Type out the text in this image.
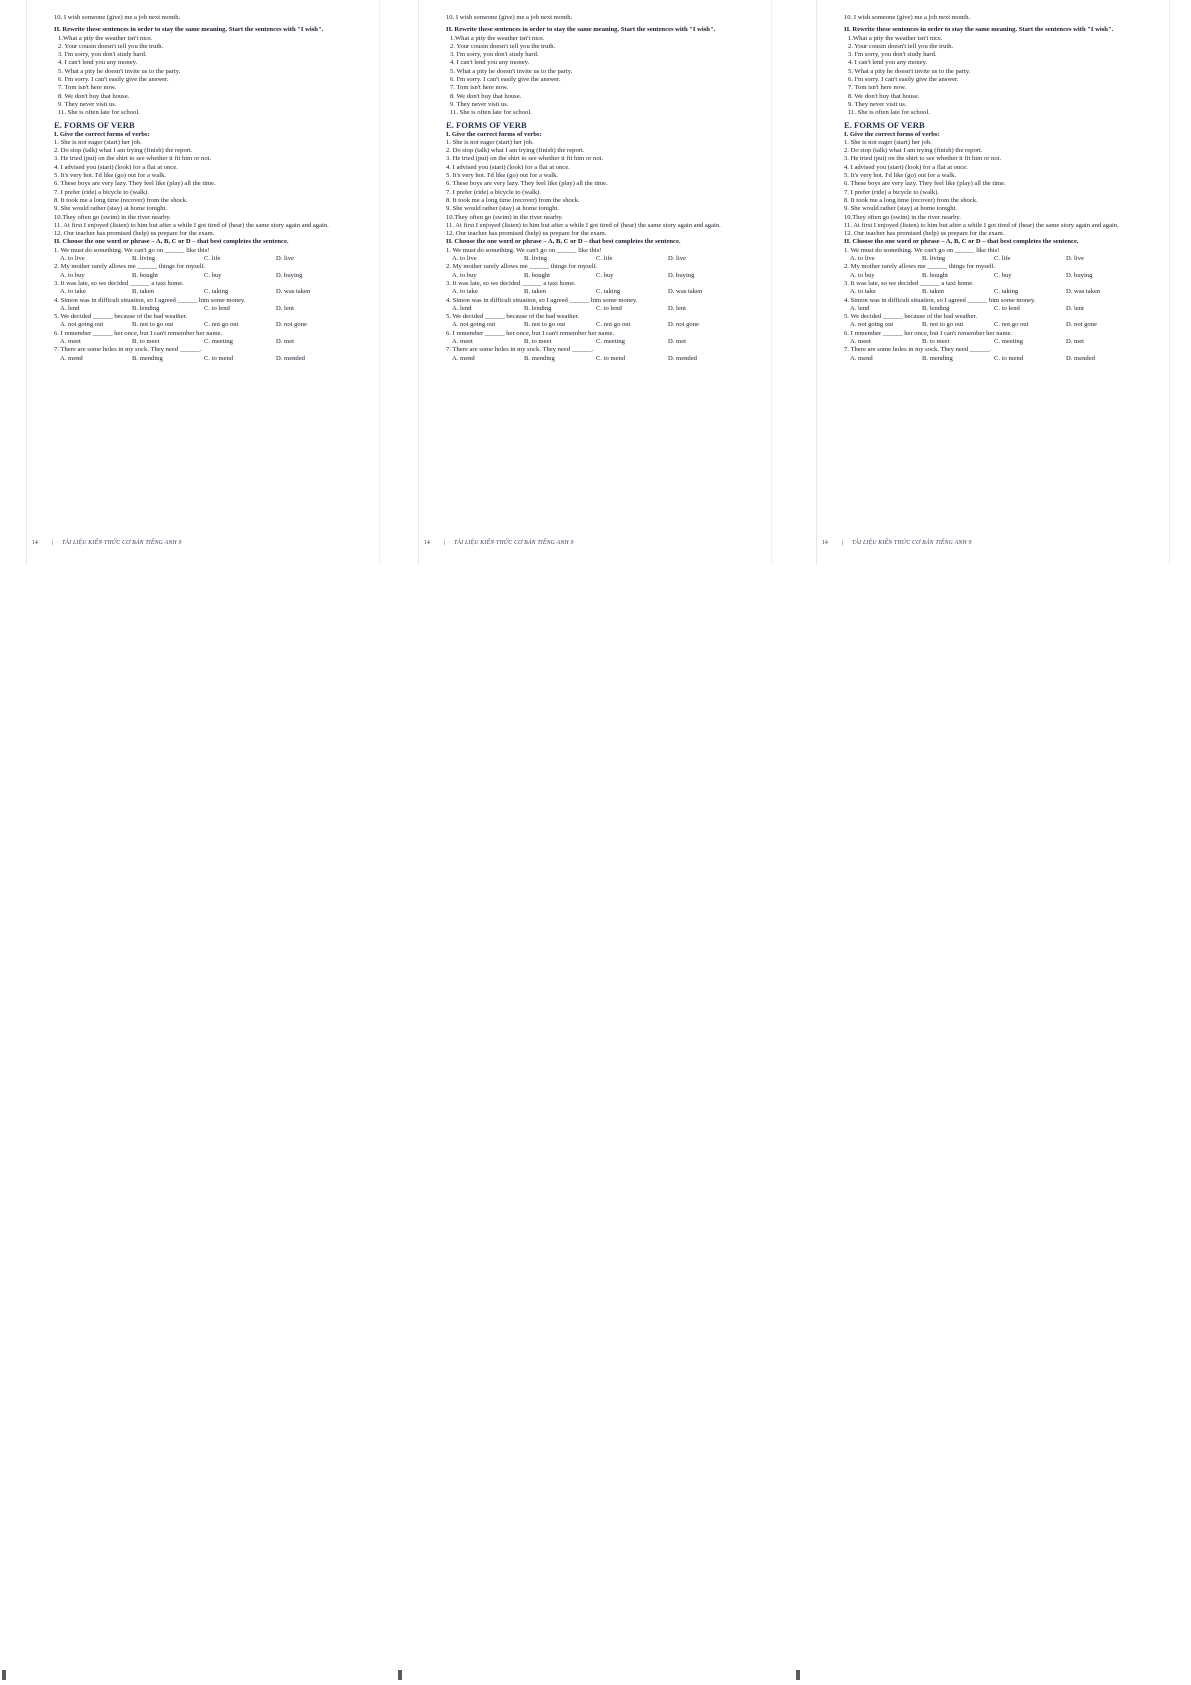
10. I wish someone (give) me a job next month.
II. Rewrite these sentences in order to stay the same meaning. Start the sentences with "I wish".
1.What a pity the weather isn't nice.
2. Your cousin doesn't tell you the truth.
3. I'm sorry, you don't study hard.
4. I can't lend you any money.
5. What a pity he doesn't invite us to the party.
6. I'm sorry. I can't easily give the answer.
7. Tom isn't here now.
8. We don't buy that house.
9. They never visit us.
11. She is often late for school.
E. FORMS OF VERB
I. Give the correct forms of verbs:
1. She is not eager (start) her job.
2. Do stop (talk) what I am trying (finish) the report.
3. He tried (put) on the shirt to see whether it fit him or not.
4. I advised you (start) (look) for a flat at once.
5. It's very hot. I'd like (go) out for a walk.
6. These boys are very lazy. They feel like (play) all the time.
7. I prefer (ride) a bicycle to (walk).
8. It took me a long time (recover) from the shock.
9. She would rather (stay) at home tonight.
10.They often go (swim) in the river nearby.
11. At first I enjoyed (listen) to him but after a while I got tired of (hear) the same story again and again.
12. Our teacher has promised (help) us prepare for the exam.
II. Choose the one word or phrase – A, B, C or D – that best completes the sentence.
1. We must do something. We can't go on ______ like this!
A. to live	B. living	C. life	D. live
2. My mother rarely allows me ______ things for myself.
A. to buy	B. bought	C. buy	D. buying
3. It was late, so we decided ______ a taxi home.
A. to take	B. taken	C. taking	D. was taken
4. Simon was in difficult situation, so I agreed ______ him some money.
A. lend	B. lending	C. to lend	D. lent
5. We decided ______ because of the bad weather.
A. not going out	B. not to go out	C. not go out	D. not gone
6. I remember ______ her once, but I can't remember her name.
A. meet	B. to meet	C. meeting	D. met
7. There are some holes in my sock. They need ______.
A. mend	B. mending	C. to mend	D. mended
14 | TÀI LIỆU KIẾN THỨC CƠ BẢN TIẾNG ANH 9
10. I wish someone (give) me a job next month.
II. Rewrite these sentences in order to stay the same meaning. Start the sentences with "I wish".
1.What a pity the weather isn't nice.
2. Your cousin doesn't tell you the truth.
3. I'm sorry, you don't study hard.
4. I can't lend you any money.
5. What a pity he doesn't invite us to the party.
6. I'm sorry. I can't easily give the answer.
7. Tom isn't here now.
8. We don't buy that house.
9. They never visit us.
11. She is often late for school.
E. FORMS OF VERB
I. Give the correct forms of verbs:
1. She is not eager (start) her job.
2. Do stop (talk) what I am trying (finish) the report.
3. He tried (put) on the shirt to see whether it fit him or not.
4. I advised you (start) (look) for a flat at once.
5. It's very hot. I'd like (go) out for a walk.
6. These boys are very lazy. They feel like (play) all the time.
7. I prefer (ride) a bicycle to (walk).
8. It took me a long time (recover) from the shock.
9. She would rather (stay) at home tonight.
10.They often go (swim) in the river nearby.
11. At first I enjoyed (listen) to him but after a while I got tired of (hear) the same story again and again.
12. Our teacher has promised (help) us prepare for the exam.
II. Choose the one word or phrase – A, B, C or D – that best completes the sentence.
1. We must do something. We can't go on ______ like this!
A. to live	B. living	C. life	D. live
2. My mother rarely allows me ______ things for myself.
A. to buy	B. bought	C. buy	D. buying
3. It was late, so we decided ______ a taxi home.
A. to take	B. taken	C. taking	D. was taken
4. Simon was in difficult situation, so I agreed ______ him some money.
A. lend	B. lending	C. to lend	D. lent
5. We decided ______ because of the bad weather.
A. not going out	B. not to go out	C. not go out	D. not gone
6. I remember ______ her once, but I can't remember her name.
A. meet	B. to meet	C. meeting	D. met
7. There are some holes in my sock. They need ______.
A. mend	B. mending	C. to mend	D. mended
14 | TÀI LIỆU KIẾN THỨC CƠ BẢN TIẾNG ANH 9
10. I wish someone (give) me a job next month.
II. Rewrite these sentences in order to stay the same meaning. Start the sentences with "I wish".
1.What a pity the weather isn't nice.
2. Your cousin doesn't tell you the truth.
3. I'm sorry, you don't study hard.
4. I can't lend you any money.
5. What a pity he doesn't invite us to the party.
6. I'm sorry. I can't easily give the answer.
7. Tom isn't here now.
8. We don't buy that house.
9. They never visit us.
11. She is often late for school.
E. FORMS OF VERB
I. Give the correct forms of verbs:
1. She is not eager (start) her job.
2. Do stop (talk) what I am trying (finish) the report.
3. He tried (put) on the shirt to see whether it fit him or not.
4. I advised you (start) (look) for a flat at once.
5. It's very hot. I'd like (go) out for a walk.
6. These boys are very lazy. They feel like (play) all the time.
7. I prefer (ride) a bicycle to (walk).
8. It took me a long time (recover) from the shock.
9. She would rather (stay) at home tonight.
10.They often go (swim) in the river nearby.
11. At first I enjoyed (listen) to him but after a while I got tired of (hear) the same story again and again.
12. Our teacher has promised (help) us prepare for the exam.
II. Choose the one word or phrase – A, B, C or D – that best completes the sentence.
1. We must do something. We can't go on ______ like this!
A. to live	B. living	C. life	D. live
2. My mother rarely allows me ______ things for myself.
A. to buy	B. bought	C. buy	D. buying
3. It was late, so we decided ______ a taxi home.
A. to take	B. taken	C. taking	D. was taken
4. Simon was in difficult situation, so I agreed ______ him some money.
A. lend	B. lending	C. to lend	D. lent
5. We decided ______ because of the bad weather.
A. not going out	B. not to go out	C. not go out	D. not gone
6. I remember ______ her once, but I can't remember her name.
A. meet	B. to meet	C. meeting	D. met
7. There are some holes in my sock. They need ______.
A. mend	B. mending	C. to mend	D. mended
14 | TÀI LIỆU KIẾN THỨC CƠ BẢN TIẾNG ANH 9
